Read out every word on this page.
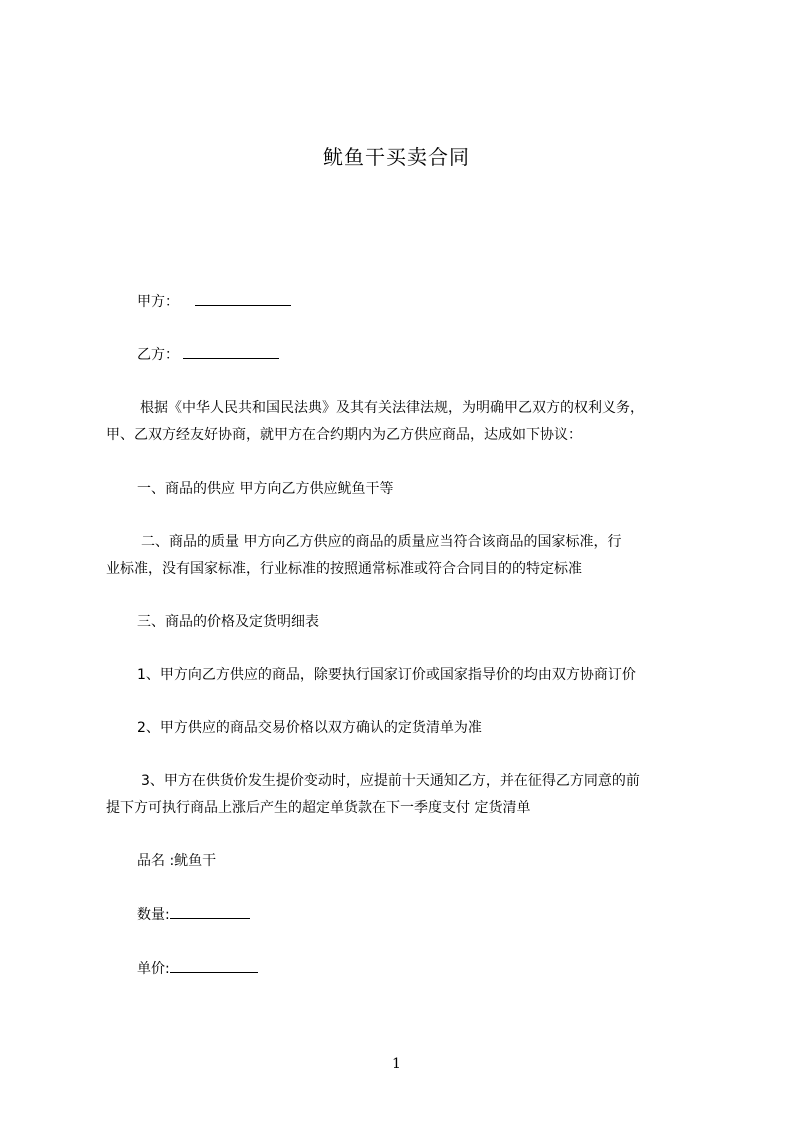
鱿鱼干买卖合同
甲方：
乙方：
根据《中华人民共和国民法典》及其有关法律法规，为明确甲乙双方的权利义务，
甲、乙双方经友好协商，就甲方在合约期内为乙方供应商品，达成如下协议：
一、商品的供应 甲方向乙方供应鱿鱼干等
二、商品的质量 甲方向乙方供应的商品的质量应当符合该商品的国家标准，行
业标准，没有国家标准，行业标准的按照通常标准或符合合同目的的特定标准
三、商品的价格及定货明细表
1、甲方向乙方供应的商品，除要执行国家订价或国家指导价的均由双方协商订价
2、甲方供应的商品交易价格以双方确认的定货清单为准
3、甲方在供货价发生提价变动时，应提前十天通知乙方，并在征得乙方同意的前
提下方可执行商品上涨后产生的超定单货款在下一季度支付 定货清单
品名 :鱿鱼干
数量:
单价:
1
